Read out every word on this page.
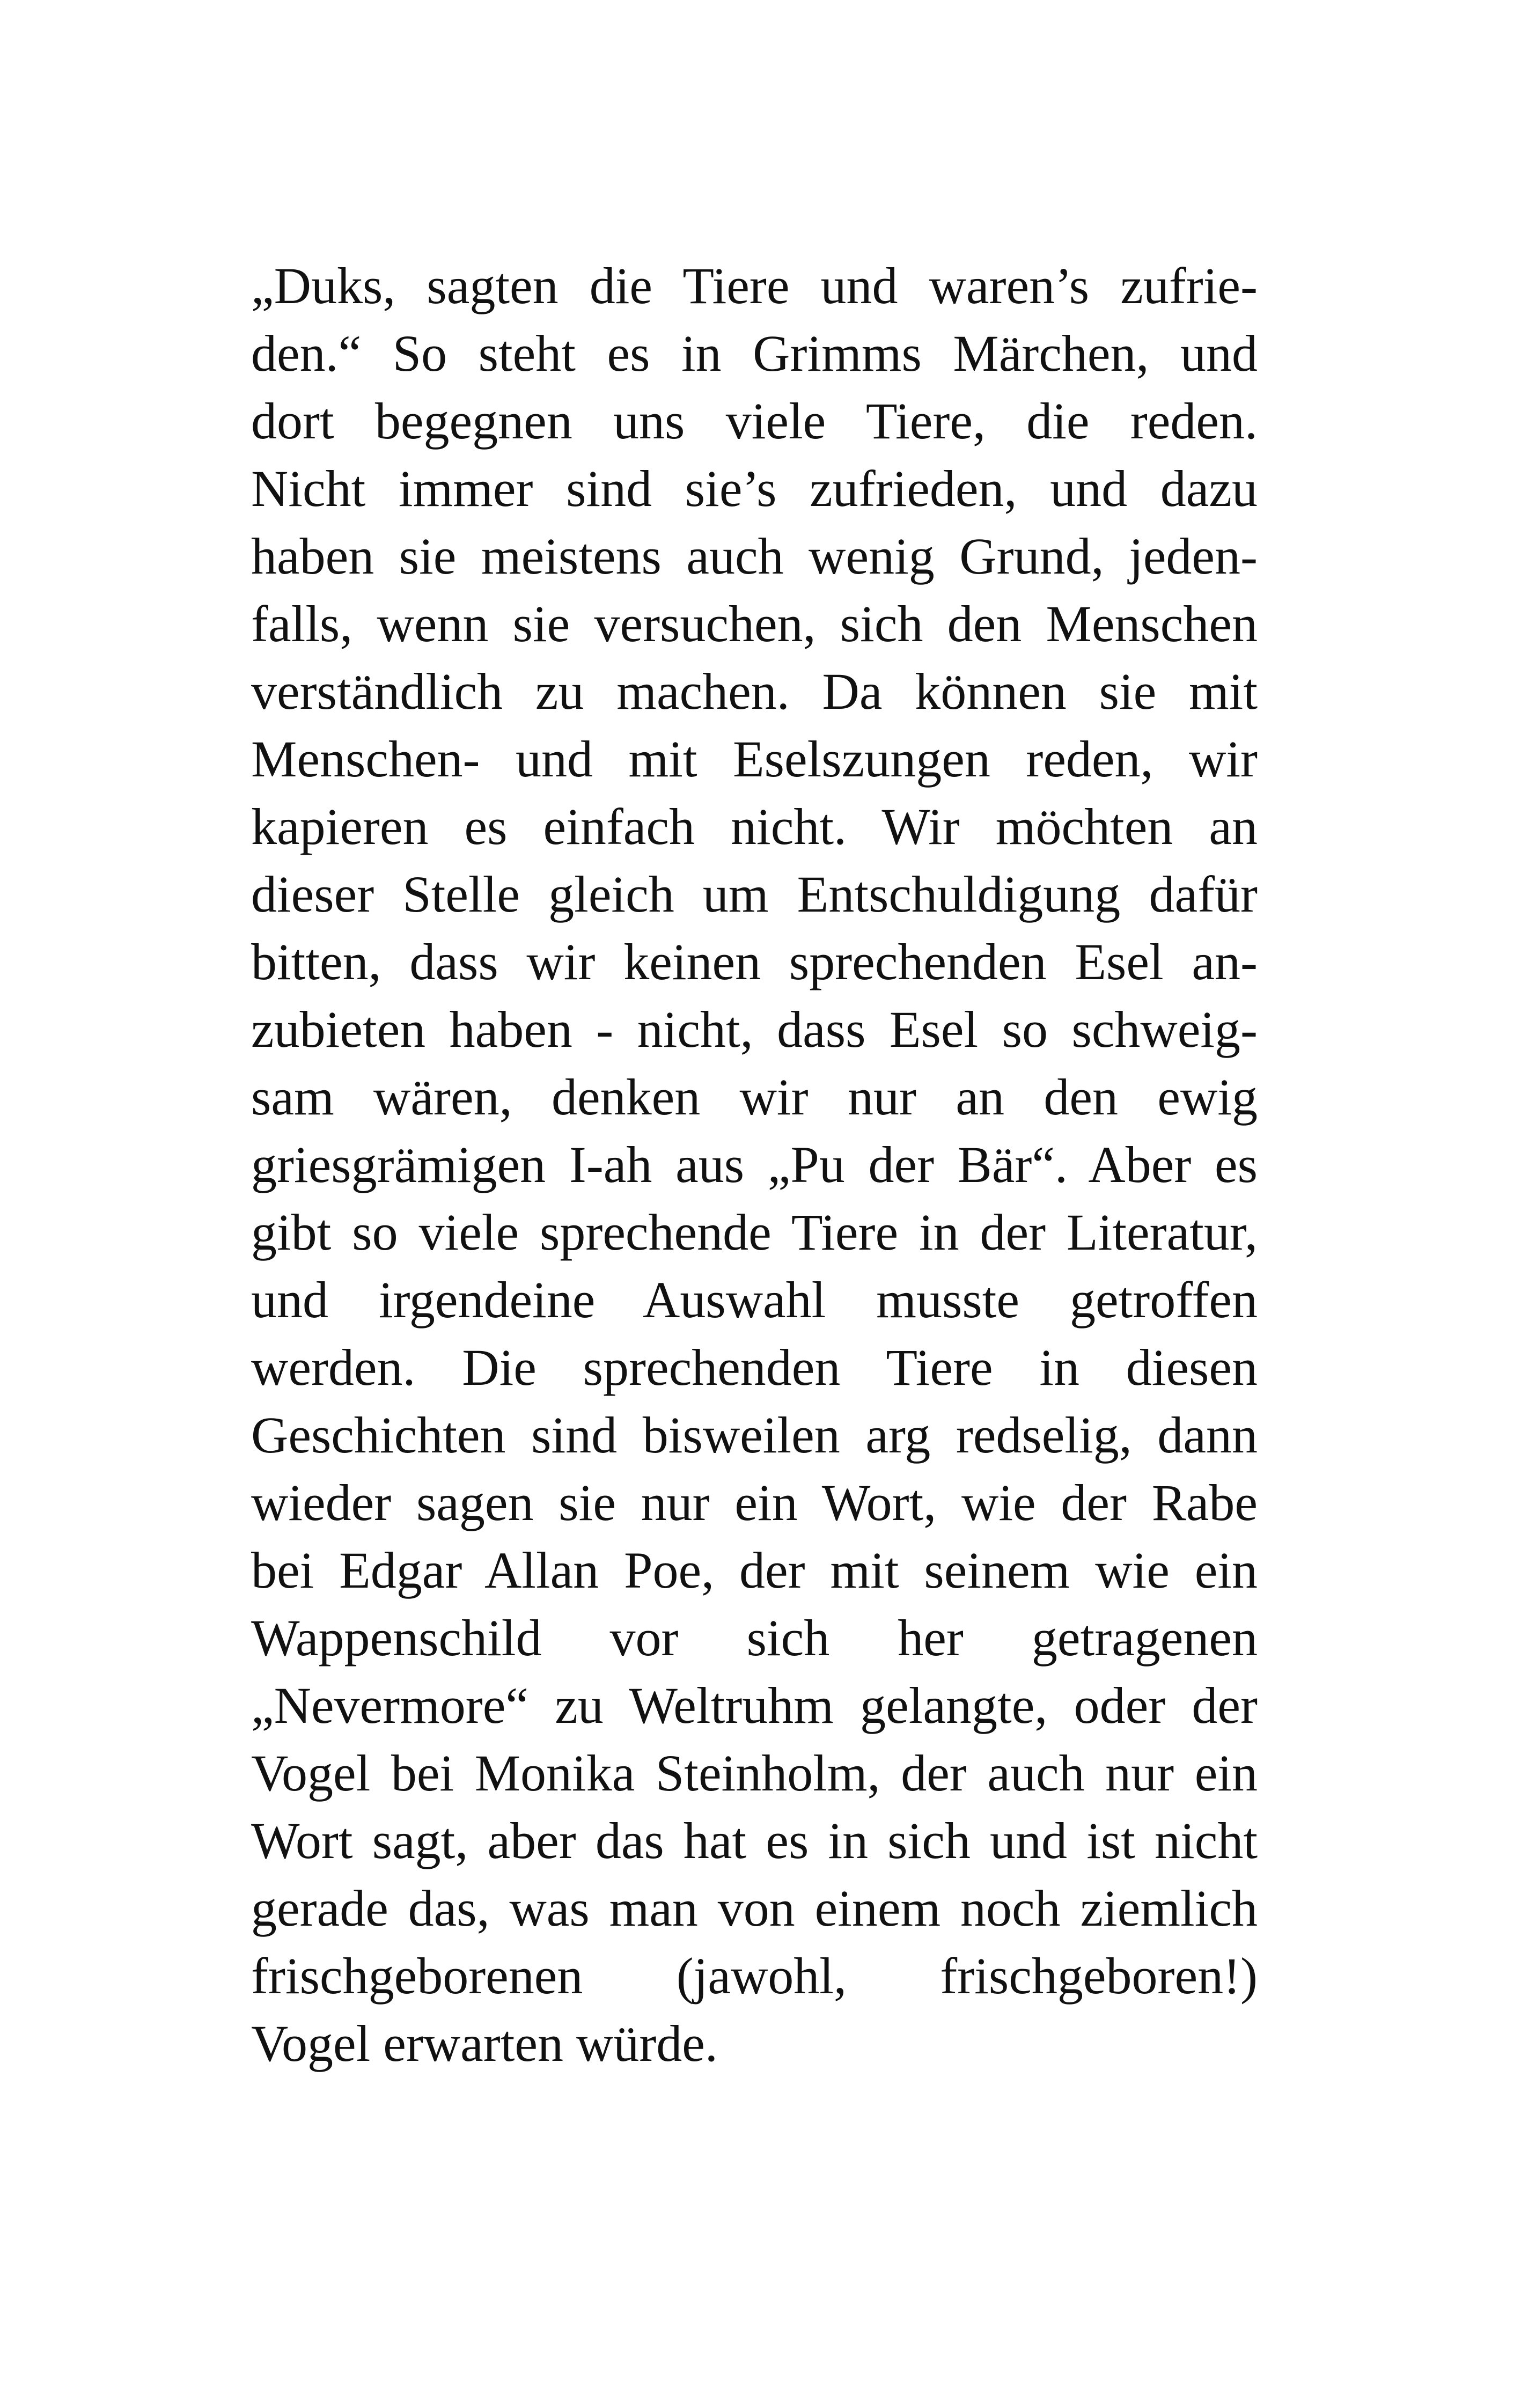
„Duks, sagten die Tiere und waren’s zufrie-
den.“ So steht es in Grimms Märchen, und
dort begegnen uns viele Tiere, die reden.
Nicht immer sind sie’s zufrieden, und dazu
haben sie meistens auch wenig Grund, jeden-
falls, wenn sie versuchen, sich den Menschen
verständlich zu machen. Da können sie mit
Menschen- und mit Eselszungen reden, wir
kapieren es einfach nicht. Wir möchten an
dieser Stelle gleich um Entschuldigung dafür
bitten, dass wir keinen sprechenden Esel an-
zubieten haben - nicht, dass Esel so schweig-
sam wären, denken wir nur an den ewig
griesgrämigen I-ah aus „Pu der Bär“. Aber es
gibt so viele sprechende Tiere in der Literatur,
und irgendeine Auswahl musste getroffen
werden. Die sprechenden Tiere in diesen
Geschichten sind bisweilen arg redselig, dann
wieder sagen sie nur ein Wort, wie der Rabe
bei Edgar Allan Poe, der mit seinem wie ein
Wappenschild vor sich her getragenen
„Nevermore“ zu Weltruhm gelangte, oder der
Vogel bei Monika Steinholm, der auch nur ein
Wort sagt, aber das hat es in sich und ist nicht
gerade das, was man von einem noch ziemlich
frischgeborenen (jawohl, frischgeboren!)
Vogel erwarten würde.
